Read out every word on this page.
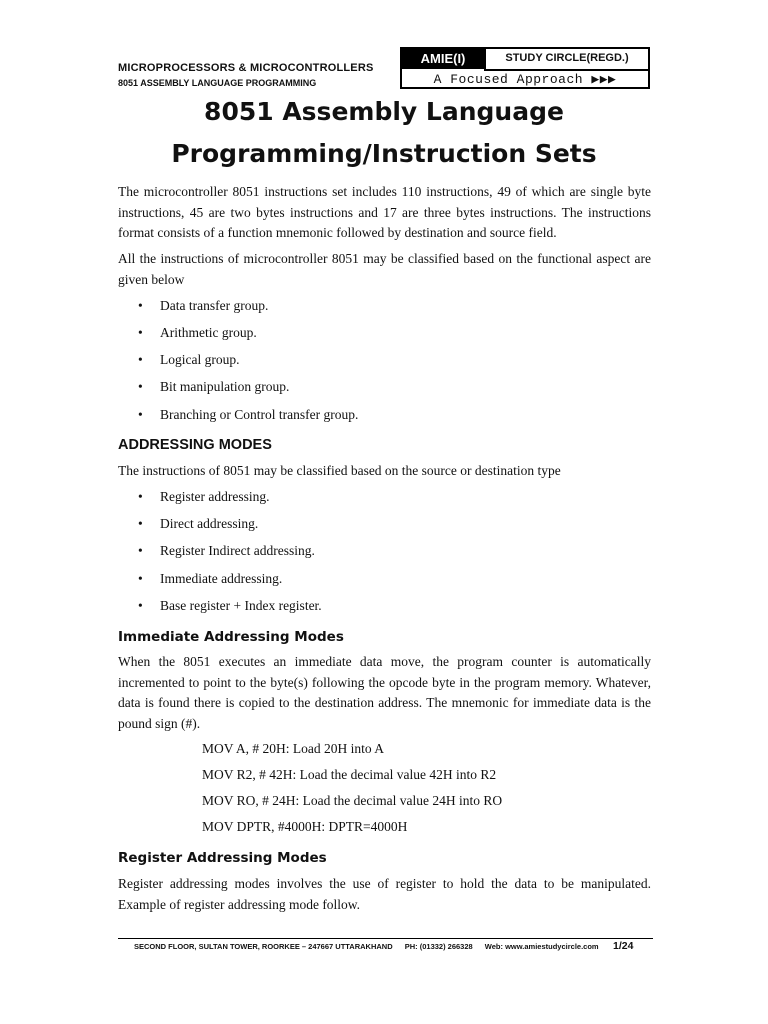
MICROPROCESSORS & MICROCONTROLLERS
8051 ASSEMBLY LANGUAGE PROGRAMMING
AMIE(I)	STUDY CIRCLE(REGD.)
A Focused Approach ▶▶▶
8051 Assembly Language
Programming/Instruction Sets
The microcontroller 8051 instructions set includes 110 instructions, 49 of which are single byte instructions, 45 are two bytes instructions and 17 are three bytes instructions. The instructions format consists of a function mnemonic followed by destination and source field.
All the instructions of microcontroller 8051 may be classified based on the functional aspect are given below
• Data transfer group.
• Arithmetic group.
• Logical group.
• Bit manipulation group.
• Branching or Control transfer group.
ADDRESSING MODES
The instructions of 8051 may be classified based on the source or destination type
• Register addressing.
• Direct addressing.
• Register Indirect addressing.
• Immediate addressing.
• Base register + Index register.
Immediate Addressing Modes
When the 8051 executes an immediate data move, the program counter is automatically incremented to point to the byte(s) following the opcode byte in the program memory. Whatever, data is found there is copied to the destination address. The mnemonic for immediate data is the pound sign (#).
MOV A, # 20H: Load 20H into A
MOV R2, # 42H: Load the decimal value 42H into R2
MOV RO, # 24H: Load the decimal value 24H into RO
MOV DPTR, #4000H: DPTR=4000H
Register Addressing Modes
Register addressing modes involves the use of register to hold the data to be manipulated. Example of register addressing mode follow.
SECOND FLOOR, SULTAN TOWER, ROORKEE – 247667 UTTARAKHAND PH: (01332) 266328 Web: www.amiestudycircle.com	1/24
